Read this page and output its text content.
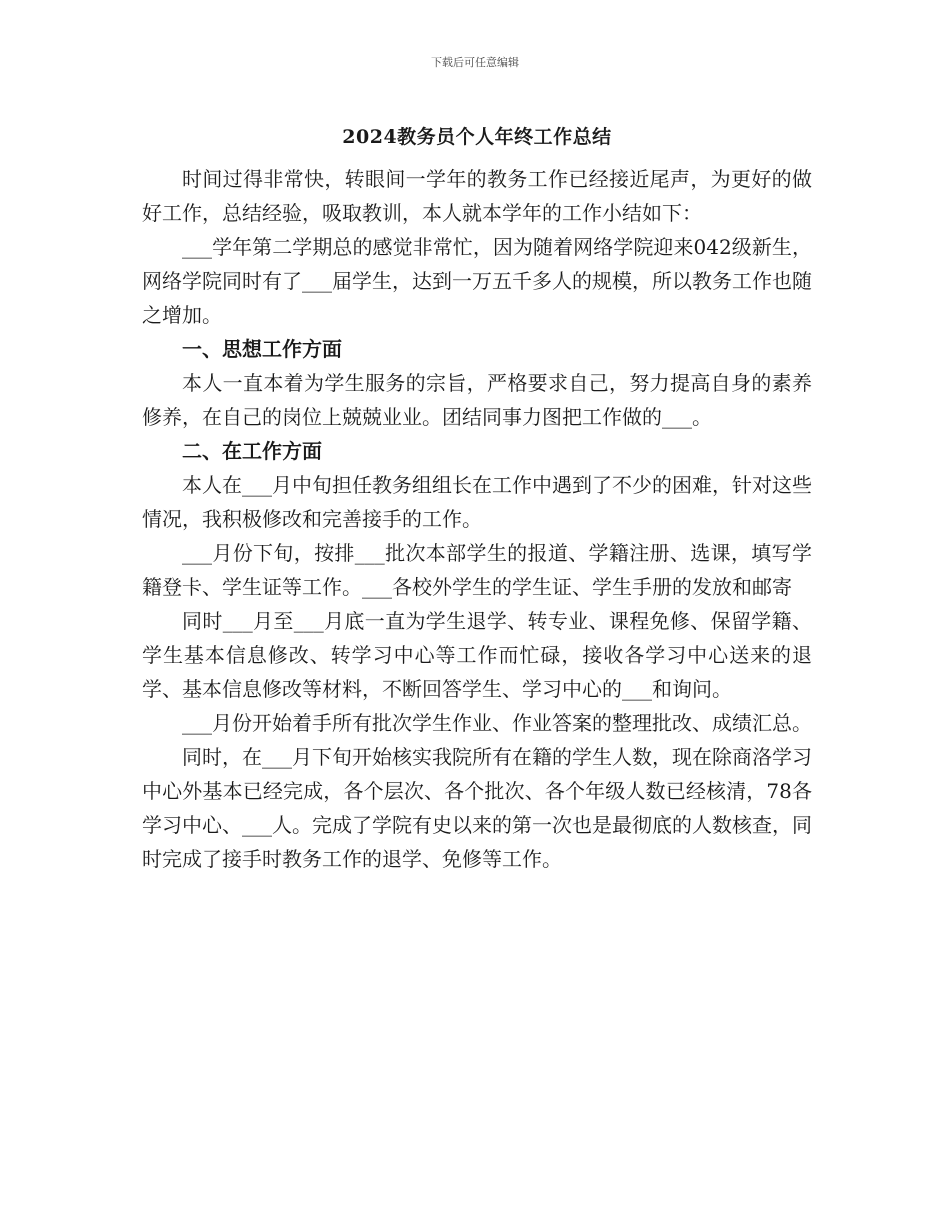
下载后可任意编辑
2024教务员个人年终工作总结

时间过得非常快，转眼间一学年的教务工作已经接近尾声，为更好的做好工作，总结经验，吸取教训，本人就本学年的工作小结如下：

___学年第二学期总的感觉非常忙，因为随着网络学院迎来042级新生，网络学院同时有了___届学生，达到一万五千多人的规模，所以教务工作也随之增加。

一、思想工作方面

本人一直本着为学生服务的宗旨，严格要求自己，努力提高自身的素养修养，在自己的岗位上兢兢业业。团结同事力图把工作做的___。

二、在工作方面

本人在___月中旬担任教务组组长在工作中遇到了不少的困难，针对这些情况，我积极修改和完善接手的工作。

___月份下旬，按排___批次本部学生的报道、学籍注册、选课，填写学籍登卡、学生证等工作。___各校外学生的学生证、学生手册的发放和邮寄

同时___月至___月底一直为学生退学、转专业、课程免修、保留学籍、学生基本信息修改、转学习中心等工作而忙碌，接收各学习中心送来的退学、基本信息修改等材料，不断回答学生、学习中心的___和询问。

___月份开始着手所有批次学生作业、作业答案的整理批改、成绩汇总。

同时，在___月下旬开始核实我院所有在籍的学生人数，现在除商洛学习中心外基本已经完成，各个层次、各个批次、各个年级人数已经核清，78各学习中心、___人。完成了学院有史以来的第一次也是最彻底的人数核查，同时完成了接手时教务工作的退学、免修等工作。
